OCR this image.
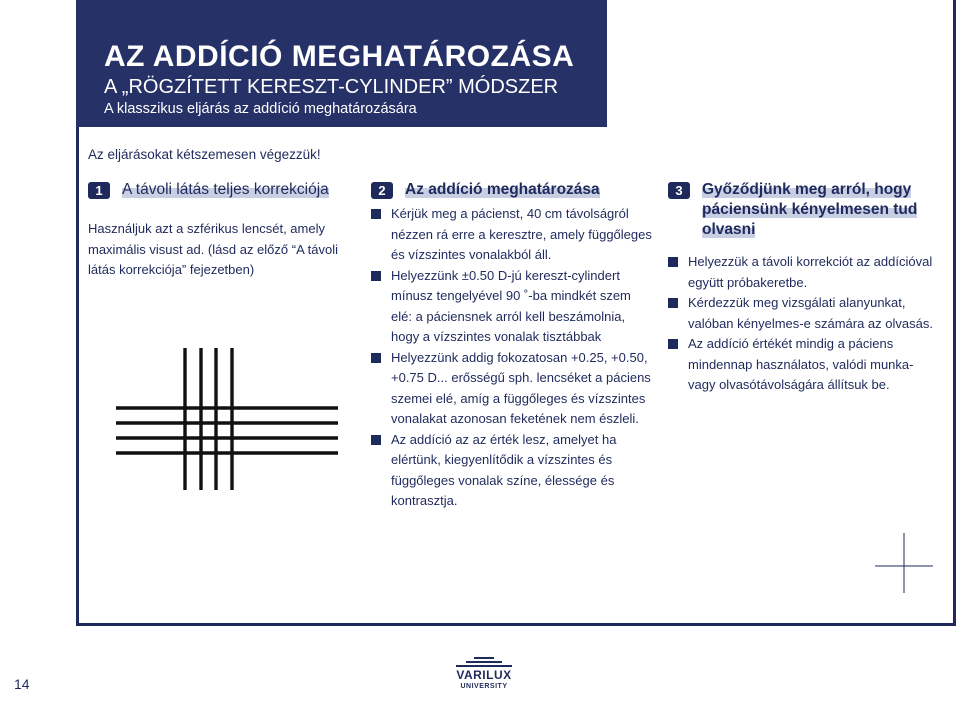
AZ ADDÍCIÓ MEGHATÁROZÁSA
A „RÖGZÍTETT KERESZT-CYLINDER” MÓDSZER
A klasszikus eljárás az addíció meghatározására
Az eljárásokat kétszemesen végezzük!
1	A távoli látás teljes korrekciója

Használjuk azt a szférikus lencsét, amely maximális visust ad. (lásd az előző “A távoli látás korrekciója” fejezetben)

2	Az addíció meghatározása
Kérjük meg a pácienst, 40 cm távolságról nézzen rá erre a keresztre, amely függőleges és vízszintes vonalakból áll.
Helyezzünk ±0.50 D-jú kereszt-cylindert mínusz tengelyével 90 ˚-ba mindkét szem elé: a páciensnek arról kell beszámolnia, hogy a vízszintes vonalak tisztábbak
Helyezzünk addig fokozatosan +0.25, +0.50, +0.75 D... erősségű sph. lencséket a páciens szemei elé, amíg a függőleges és vízszintes vonalakat azonosan feketének nem észleli.
Az addíció az az érték lesz, amelyet ha elértünk, kiegyenlítődik a vízszintes és függőleges vonalak színe, élessége és kontrasztja.
3	Győződjünk meg arról, hogy páciensünk kényelmesen tud olvasni
Helyezzük a távoli korrekciót az addícióval együtt próbakeretbe.
Kérdezzük meg vizsgálati alanyunkat, valóban kényelmes-e számára az olvasás.
Az addíció értékét mindig a páciens mindennap használatos, valódi munka- vagy olvasótávolságára állítsuk be.
14
VARILUX
UNIVERSITY
